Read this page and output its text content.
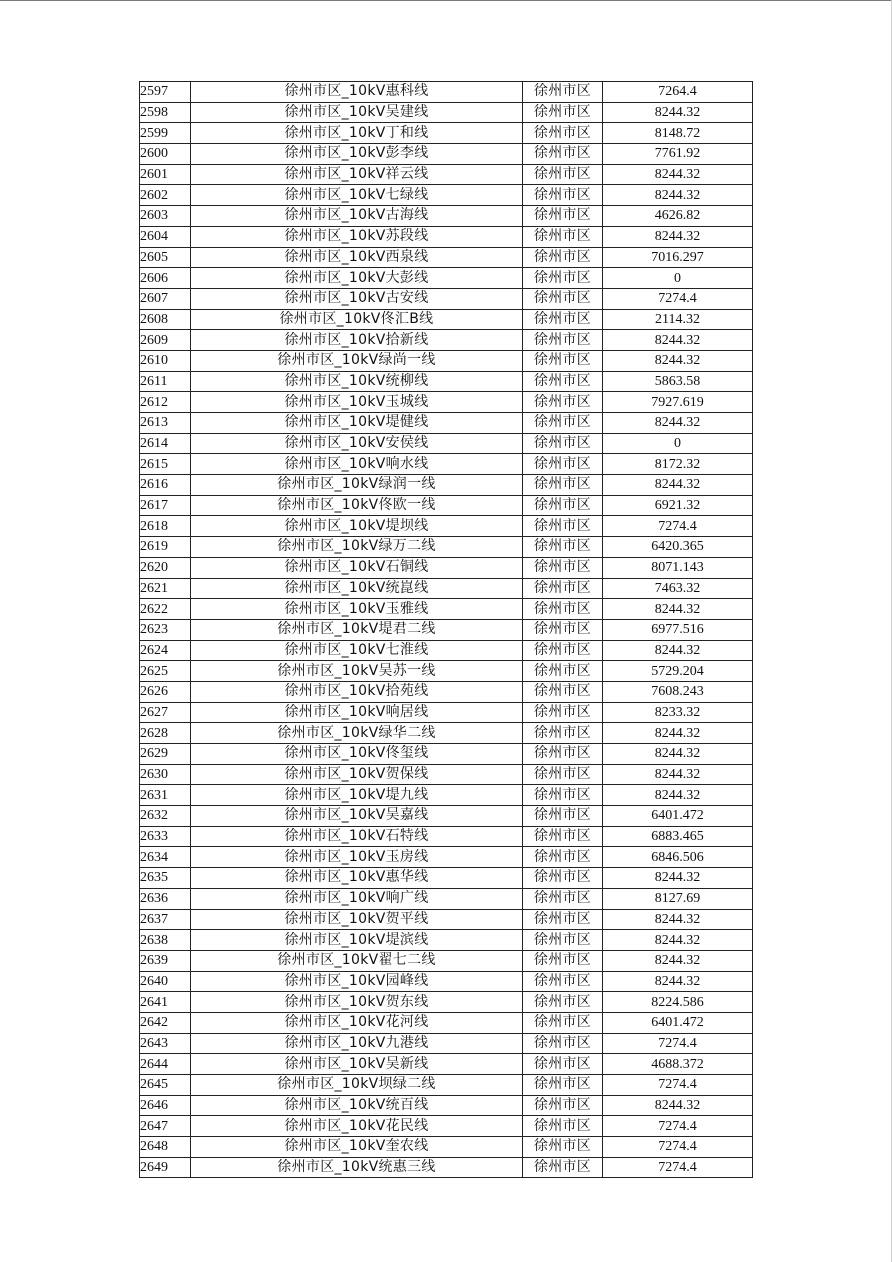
2597	徐州市区_10kV惠科线	徐州市区	7264.4
2598	徐州市区_10kV吴建线	徐州市区	8244.32
2599	徐州市区_10kV丁和线	徐州市区	8148.72
2600	徐州市区_10kV彭李线	徐州市区	7761.92
2601	徐州市区_10kV祥云线	徐州市区	8244.32
2602	徐州市区_10kV七绿线	徐州市区	8244.32
2603	徐州市区_10kV古海线	徐州市区	4626.82
2604	徐州市区_10kV苏段线	徐州市区	8244.32
2605	徐州市区_10kV西泉线	徐州市区	7016.297
2606	徐州市区_10kV大彭线	徐州市区	0
2607	徐州市区_10kV古安线	徐州市区	7274.4
2608	徐州市区_10kV佟汇B线	徐州市区	2114.32
2609	徐州市区_10kV拾新线	徐州市区	8244.32
2610	徐州市区_10kV绿尚一线	徐州市区	8244.32
2611	徐州市区_10kV统柳线	徐州市区	5863.58
2612	徐州市区_10kV玉城线	徐州市区	7927.619
2613	徐州市区_10kV堤健线	徐州市区	8244.32
2614	徐州市区_10kV安侯线	徐州市区	0
2615	徐州市区_10kV响水线	徐州市区	8172.32
2616	徐州市区_10kV绿润一线	徐州市区	8244.32
2617	徐州市区_10kV佟欧一线	徐州市区	6921.32
2618	徐州市区_10kV堤坝线	徐州市区	7274.4
2619	徐州市区_10kV绿万二线	徐州市区	6420.365
2620	徐州市区_10kV石铜线	徐州市区	8071.143
2621	徐州市区_10kV统崑线	徐州市区	7463.32
2622	徐州市区_10kV玉雅线	徐州市区	8244.32
2623	徐州市区_10kV堤君二线	徐州市区	6977.516
2624	徐州市区_10kV七淮线	徐州市区	8244.32
2625	徐州市区_10kV吴苏一线	徐州市区	5729.204
2626	徐州市区_10kV拾苑线	徐州市区	7608.243
2627	徐州市区_10kV响居线	徐州市区	8233.32
2628	徐州市区_10kV绿华二线	徐州市区	8244.32
2629	徐州市区_10kV佟玺线	徐州市区	8244.32
2630	徐州市区_10kV贺保线	徐州市区	8244.32
2631	徐州市区_10kV堤九线	徐州市区	8244.32
2632	徐州市区_10kV吴嘉线	徐州市区	6401.472
2633	徐州市区_10kV石特线	徐州市区	6883.465
2634	徐州市区_10kV玉房线	徐州市区	6846.506
2635	徐州市区_10kV惠华线	徐州市区	8244.32
2636	徐州市区_10kV响广线	徐州市区	8127.69
2637	徐州市区_10kV贺平线	徐州市区	8244.32
2638	徐州市区_10kV堤滨线	徐州市区	8244.32
2639	徐州市区_10kV翟七二线	徐州市区	8244.32
2640	徐州市区_10kV园峰线	徐州市区	8244.32
2641	徐州市区_10kV贺东线	徐州市区	8224.586
2642	徐州市区_10kV花河线	徐州市区	6401.472
2643	徐州市区_10kV九港线	徐州市区	7274.4
2644	徐州市区_10kV吴新线	徐州市区	4688.372
2645	徐州市区_10kV坝绿二线	徐州市区	7274.4
2646	徐州市区_10kV统百线	徐州市区	8244.32
2647	徐州市区_10kV花民线	徐州市区	7274.4
2648	徐州市区_10kV奎农线	徐州市区	7274.4
2649	徐州市区_10kV统惠三线	徐州市区	7274.4
